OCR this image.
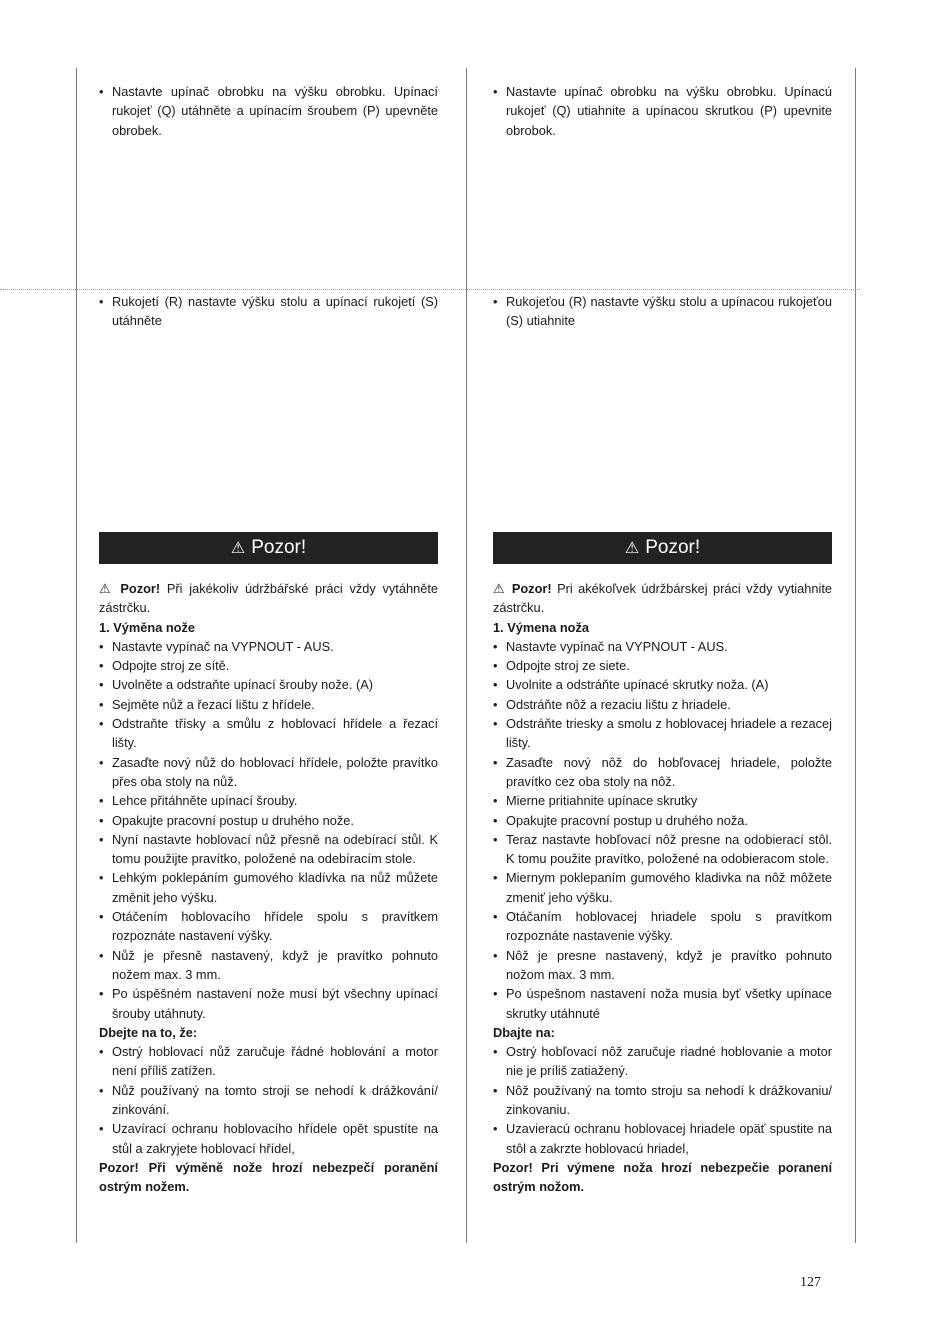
• Nastavte upínač obrobku na výšku obrobku. Upínací rukojeť (Q) utáhněte a upínacím šroubem (P) upevněte obrobek.
• Rukojetí (R) nastavte výšku stolu a upínací rukojetí (S) utáhněte
⚠ Pozor!

⚠ Pozor! Při jakékoliv údržbářské práci vždy vytáhněte zástrčku.

1. Výměna nože

• Nastavte vypínač na VYPNOUT - AUS.
• Odpojte stroj ze sítě.
• Uvolněte a odstraňte upínací šrouby nože. (A)
• Sejměte nůž a řezací lištu z hřídele.
• Odstraňte třísky a smůlu z hoblovací hřídele a řezací lišty.
• Zasaďte nový nůž do hoblovací hřídele, položte pravítko přes oba stoly na nůž.
• Lehce přitáhněte upínací šrouby.
• Opakujte pracovní postup u druhého nože.
• Nyní nastavte hoblovací nůž přesně na odebírací stůl. K tomu použijte pravítko, položené na odebíracím stole.
• Lehkým poklepáním gumového kladívka na nůž můžete změnit jeho výšku.
• Otáčením hoblovacího hřídele spolu s pravítkem rozpoznáte nastavení výšky.
• Nůž je přesně nastavený, když je pravítko pohnuto nožem max. 3 mm.
• Po úspěšném nastavení nože musí být všechny upínací šrouby utáhnuty.

Dbejte na to, že:

• Ostrý hoblovací nůž zaručuje řádné hoblování a motor není příliš zatížen.
• Nůž používaný na tomto stroji se nehodí k drážkování/ zinkování.
• Uzavírací ochranu hoblovacího hřídele opět spustíte na stůl a zakryjete hoblovací hřídel,

Pozor! Při výměně nože hrozí nebezpečí poranění ostrým nožem.

• Nastavte upínač obrobku na výšku obrobku. Upínacú rukojeť (Q) utiahnite a upínacou skrutkou (P) upevnite obrobok.
• Rukojeťou (R) nastavte výšku stolu a upínacou rukojeťou (S) utiahnite
⚠ Pozor!

⚠ Pozor! Pri akékoľvek údržbárskej práci vždy vytiahnite zástrčku.

1. Výmena noža

• Nastavte vypínač na VYPNOUT - AUS.
• Odpojte stroj ze siete.
• Uvolnite a odstráňte upínacé skrutky noža. (A)
• Odstráňte nôž a rezaciu lištu z hriadele.
• Odstráňte triesky a smolu z hoblovacej hriadele a rezacej lišty.
• Zasaďte nový nôž do hobľovacej hriadele, položte pravítko cez oba stoly na nôž.
• Mierne pritiahnite upínace skrutky
• Opakujte pracovní postup u druhého noža.
• Teraz nastavte hobľovací nôž presne na odobierací stôl. K tomu použite pravítko, položené na odobieracom stole.
• Miernym poklepaním gumového kladivka na nôž môžete zmeniť jeho výšku.
• Otáčaním hoblovacej hriadele spolu s pravítkom rozpoznáte nastavenie výšky.
• Nôž je presne nastavený, když je pravítko pohnuto nožom max. 3 mm.
• Po úspešnom nastavení noža musia byť všetky upínace skrutky utáhnuté

Dbajte na:

• Ostrý hobľovací nôž zaručuje riadné hoblovanie a motor nie je príliš zatiažený.
• Nôž používaný na tomto stroju sa nehodí k drážkovaniu/ zinkovaniu.
• Uzavieracú ochranu hoblovacej hriadele opäť spustite na stôl a zakrzte hoblovacú hriadel,

Pozor! Pri výmene noža hrozí nebezpečie poranení ostrým nožom.

127
